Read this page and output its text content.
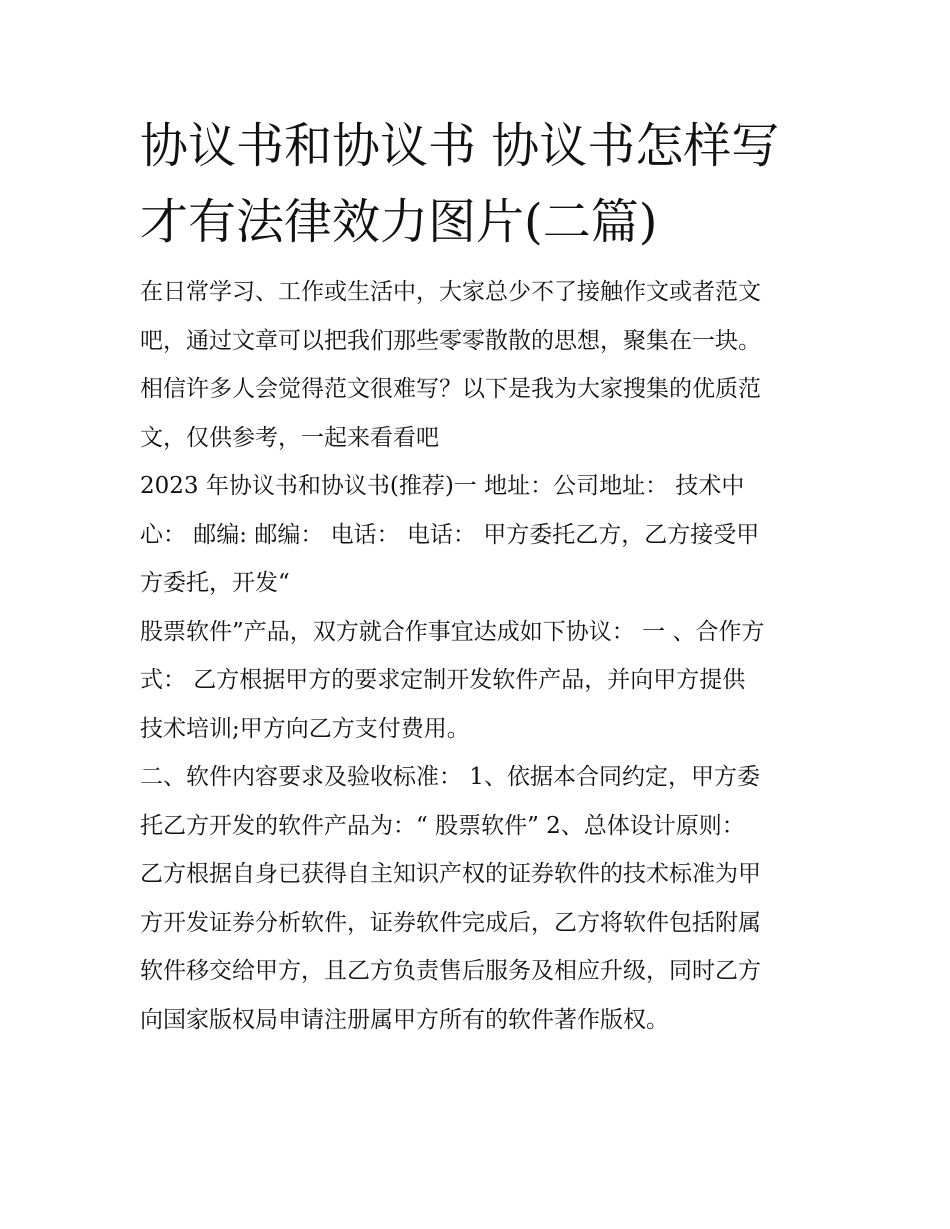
协议书和协议书 协议书怎样写
才有法律效力图片(二篇)
在日常学习、工作或生活中，大家总少不了接触作文或者范文
吧，通过文章可以把我们那些零零散散的思想，聚集在一块。
相信许多人会觉得范文很难写？以下是我为大家搜集的优质范
文，仅供参考，一起来看看吧
2023 年协议书和协议书(推荐)一 地址：公司地址： 技术中
心： 邮编: 邮编： 电话： 电话： 甲方委托乙方，乙方接受甲
方委托，开发“
股票软件”产品，双方就合作事宜达成如下协议： 一 、合作方
式： 乙方根据甲方的要求定制开发软件产品，并向甲方提供
技术培训;甲方向乙方支付费用。
二、软件内容要求及验收标准： 1、依据本合同约定，甲方委
托乙方开发的软件产品为：“ 股票软件” 2、总体设计原则：
乙方根据自身已获得自主知识产权的证券软件的技术标准为甲
方开发证券分析软件，证券软件完成后，乙方将软件包括附属
软件移交给甲方，且乙方负责售后服务及相应升级，同时乙方
向国家版权局申请注册属甲方所有的软件著作版权。
